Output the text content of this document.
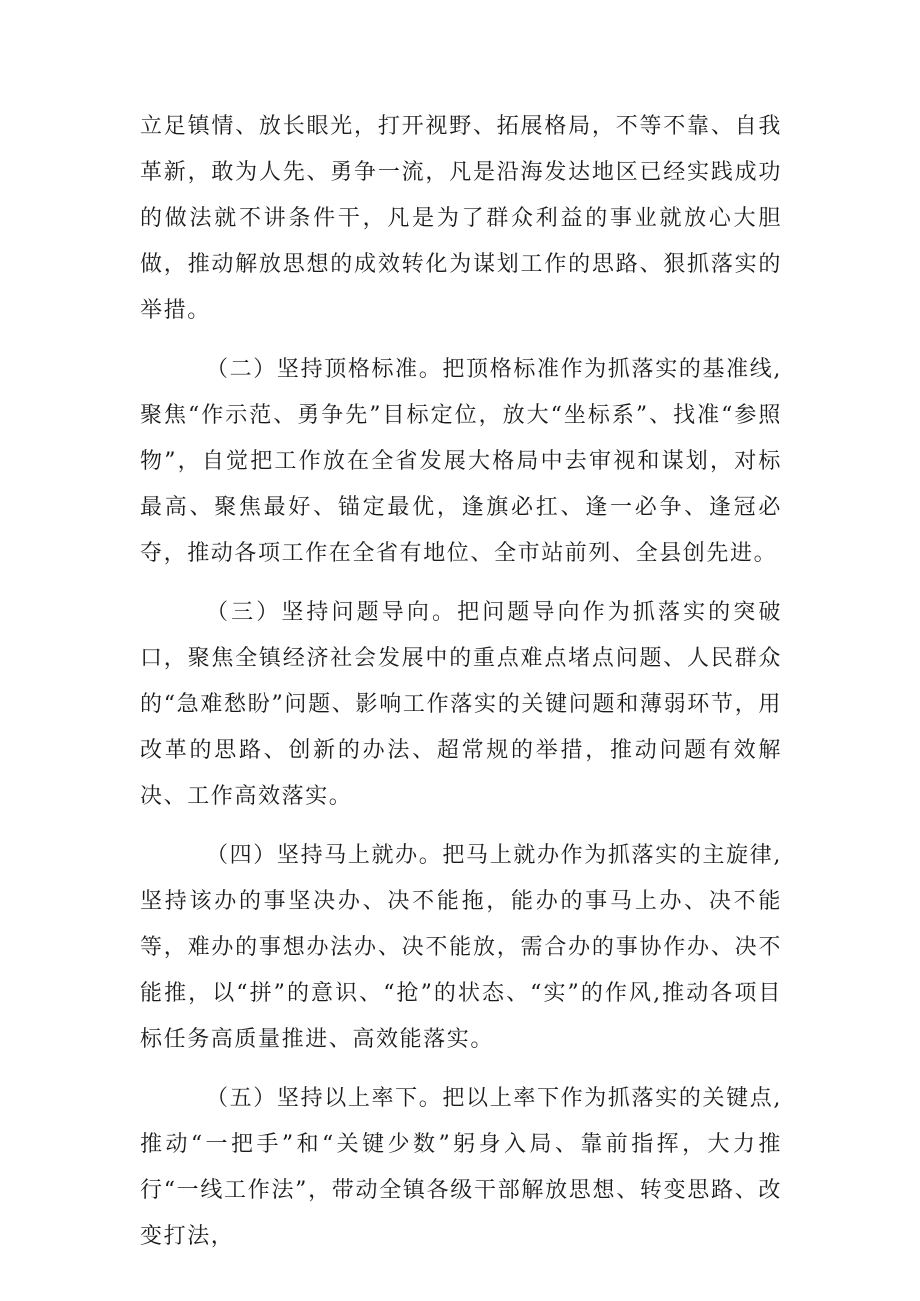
立足镇情、放长眼光，打开视野、拓展格局，不等不靠、自我革新，敢为人先、勇争一流，凡是沿海发达地区已经实践成功的做法就不讲条件干，凡是为了群众利益的事业就放心大胆做，推动解放思想的成效转化为谋划工作的思路、狠抓落实的举措。

（二）坚持顶格标准。把顶格标准作为抓落实的基准线,聚焦“作示范、勇争先”目标定位，放大“坐标系”、找准“参照物”，自觉把工作放在全省发展大格局中去审视和谋划，对标最高、聚焦最好、锚定最优，逢旗必扛、逢一必争、逢冠必夺，推动各项工作在全省有地位、全市站前列、全县创先进。

（三）坚持问题导向。把问题导向作为抓落实的突破口，聚焦全镇经济社会发展中的重点难点堵点问题、人民群众的“急难愁盼”问题、影响工作落实的关键问题和薄弱环节，用改革的思路、创新的办法、超常规的举措，推动问题有效解决、工作高效落实。

（四）坚持马上就办。把马上就办作为抓落实的主旋律,坚持该办的事坚决办、决不能拖，能办的事马上办、决不能等，难办的事想办法办、决不能放，需合办的事协作办、决不能推，以“拼”的意识、“抢”的状态、“实”的作风,推动各项目标任务高质量推进、高效能落实。

（五）坚持以上率下。把以上率下作为抓落实的关键点,推动“一把手”和“关键少数”躬身入局、靠前指挥，大力推行“一线工作法”，带动全镇各级干部解放思想、转变思路、改变打法，
